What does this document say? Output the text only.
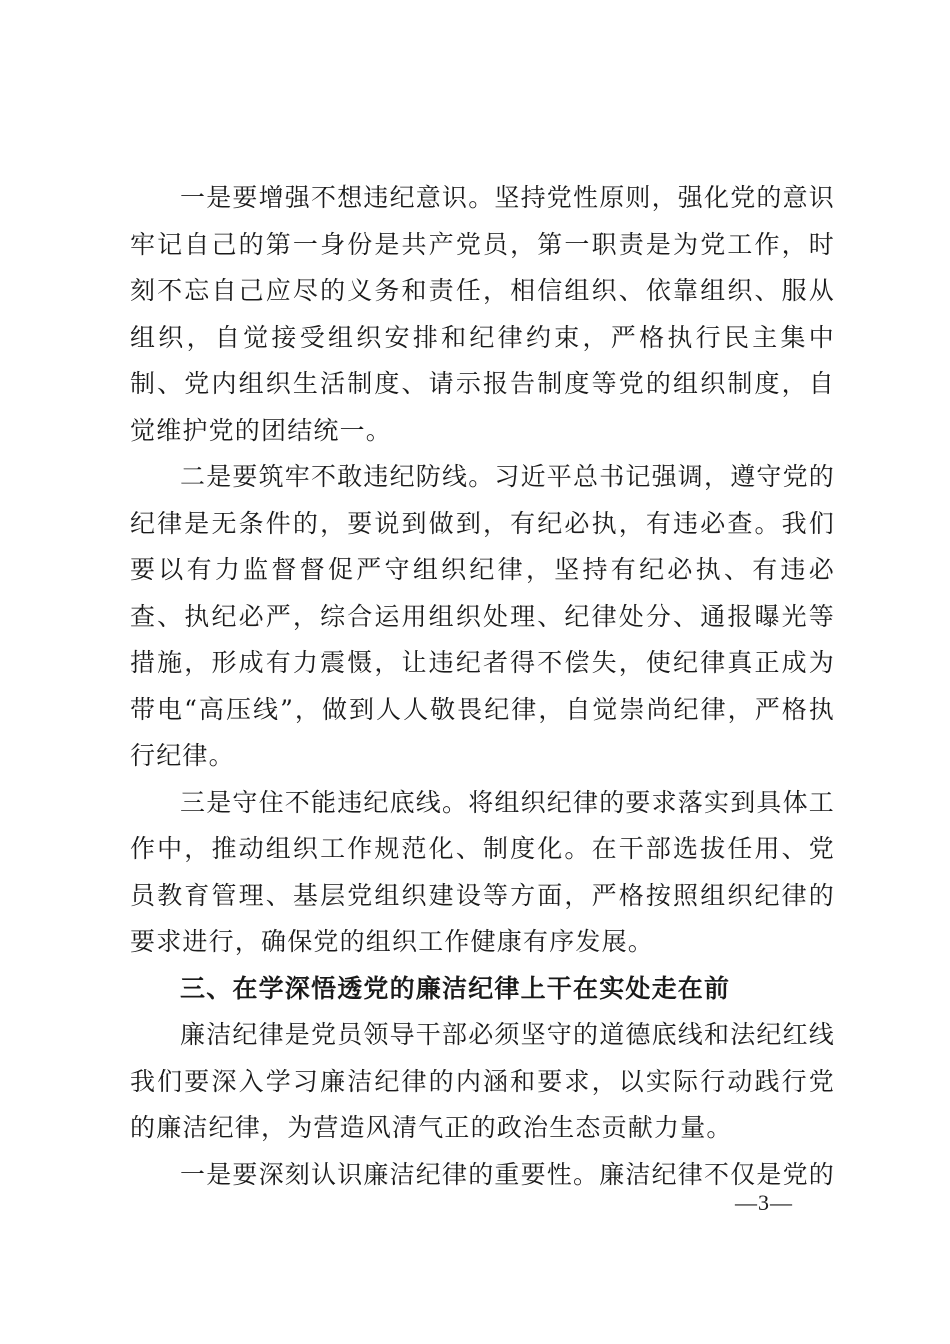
一是要增强不想违纪意识。坚持党性原则，强化党的意识牢记自己的第一身份是共产党员，第一职责是为党工作，时刻不忘自己应尽的义务和责任，相信组织、依靠组织、服从组织，自觉接受组织安排和纪律约束，严格执行民主集中制、党内组织生活制度、请示报告制度等党的组织制度，自觉维护党的团结统一。

二是要筑牢不敢违纪防线。习近平总书记强调，遵守党的纪律是无条件的，要说到做到，有纪必执，有违必查。我们要以有力监督督促严守组织纪律，坚持有纪必执、有违必查、执纪必严，综合运用组织处理、纪律处分、通报曝光等措施，形成有力震慑，让违纪者得不偿失，使纪律真正成为带电“高压线”，做到人人敬畏纪律，自觉崇尚纪律，严格执行纪律。

三是守住不能违纪底线。将组织纪律的要求落实到具体工作中，推动组织工作规范化、制度化。在干部选拔任用、党员教育管理、基层党组织建设等方面，严格按照组织纪律的要求进行，确保党的组织工作健康有序发展。

三、在学深悟透党的廉洁纪律上干在实处走在前

廉洁纪律是党员领导干部必须坚守的道德底线和法纪红线我们要深入学习廉洁纪律的内涵和要求，以实际行动践行党的廉洁纪律，为营造风清气正的政治生态贡献力量。

一是要深刻认识廉洁纪律的重要性。廉洁纪律不仅是党的

—3—
